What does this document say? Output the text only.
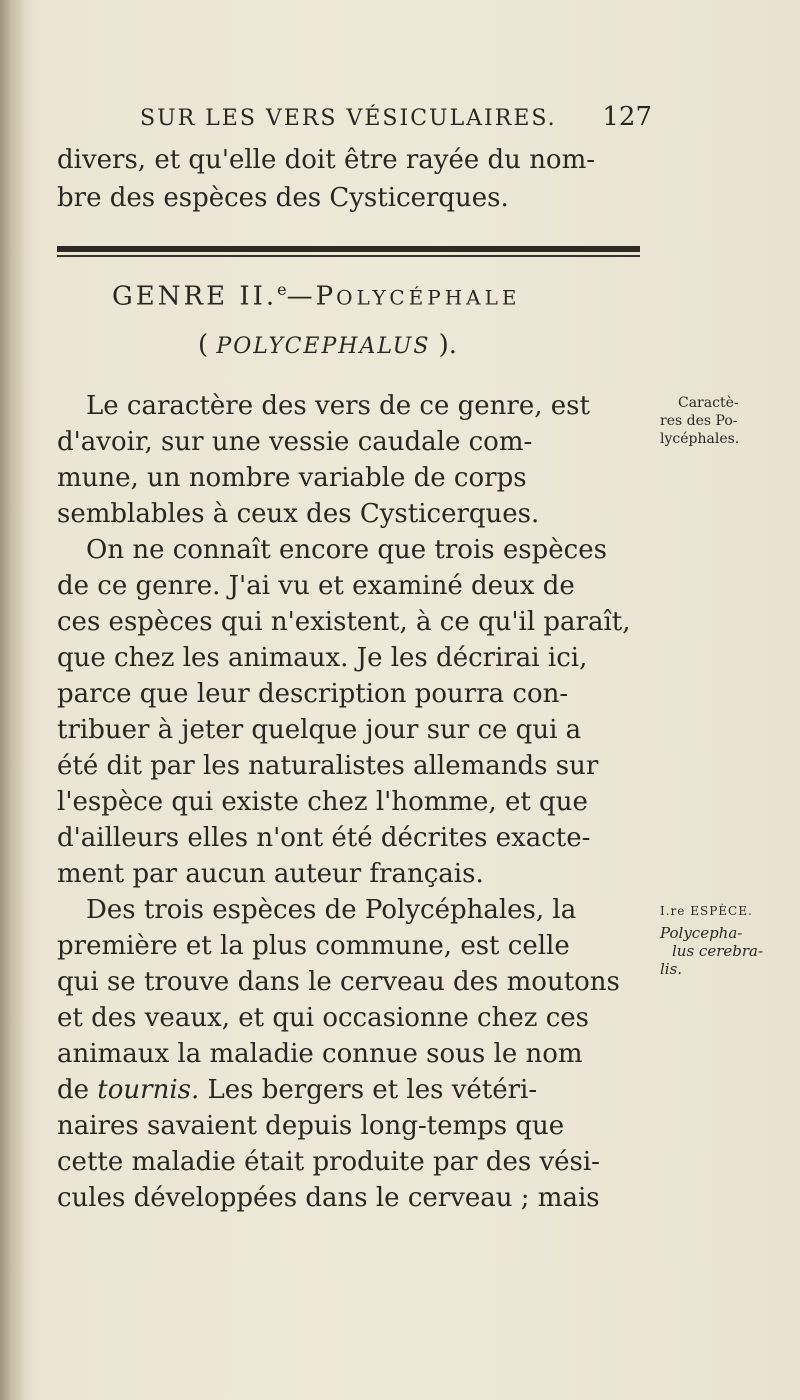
SUR LES VERS VÉSICULAIRES. 127
divers, et qu'elle doit être rayée du nom-
bre des espèces des Cysticerques.
GENRE II.$^e$—POLYCÉPHALE
( POLYCEPHALUS ).
Le caractère des vers de ce genre, est
d'avoir, sur une vessie caudale com-
mune, un nombre variable de corps
semblables à ceux des Cysticerques.
On ne connaît encore que trois espèces
de ce genre. J'ai vu et examiné deux de
ces espèces qui n'existent, à ce qu'il paraît,
que chez les animaux. Je les décrirai ici,
parce que leur description pourra con-
tribuer à jeter quelque jour sur ce qui a
été dit par les naturalistes allemands sur
l'espèce qui existe chez l'homme, et que
d'ailleurs elles n'ont été décrites exacte-
ment par aucun auteur français.
Des trois espèces de Polycéphales, la
première et la plus commune, est celle
qui se trouve dans le cerveau des moutons
et des veaux, et qui occasionne chez ces
animaux la maladie connue sous le nom
de tournis. Les bergers et les vétéri-
naires savaient depuis long-temps que
cette maladie était produite par des vési-
cules développées dans le cerveau ; mais
Caractè-
res des Po-
lycéphales.
I.re ESPÈCE.
Polycepha-
lus cerebra-
lis.
